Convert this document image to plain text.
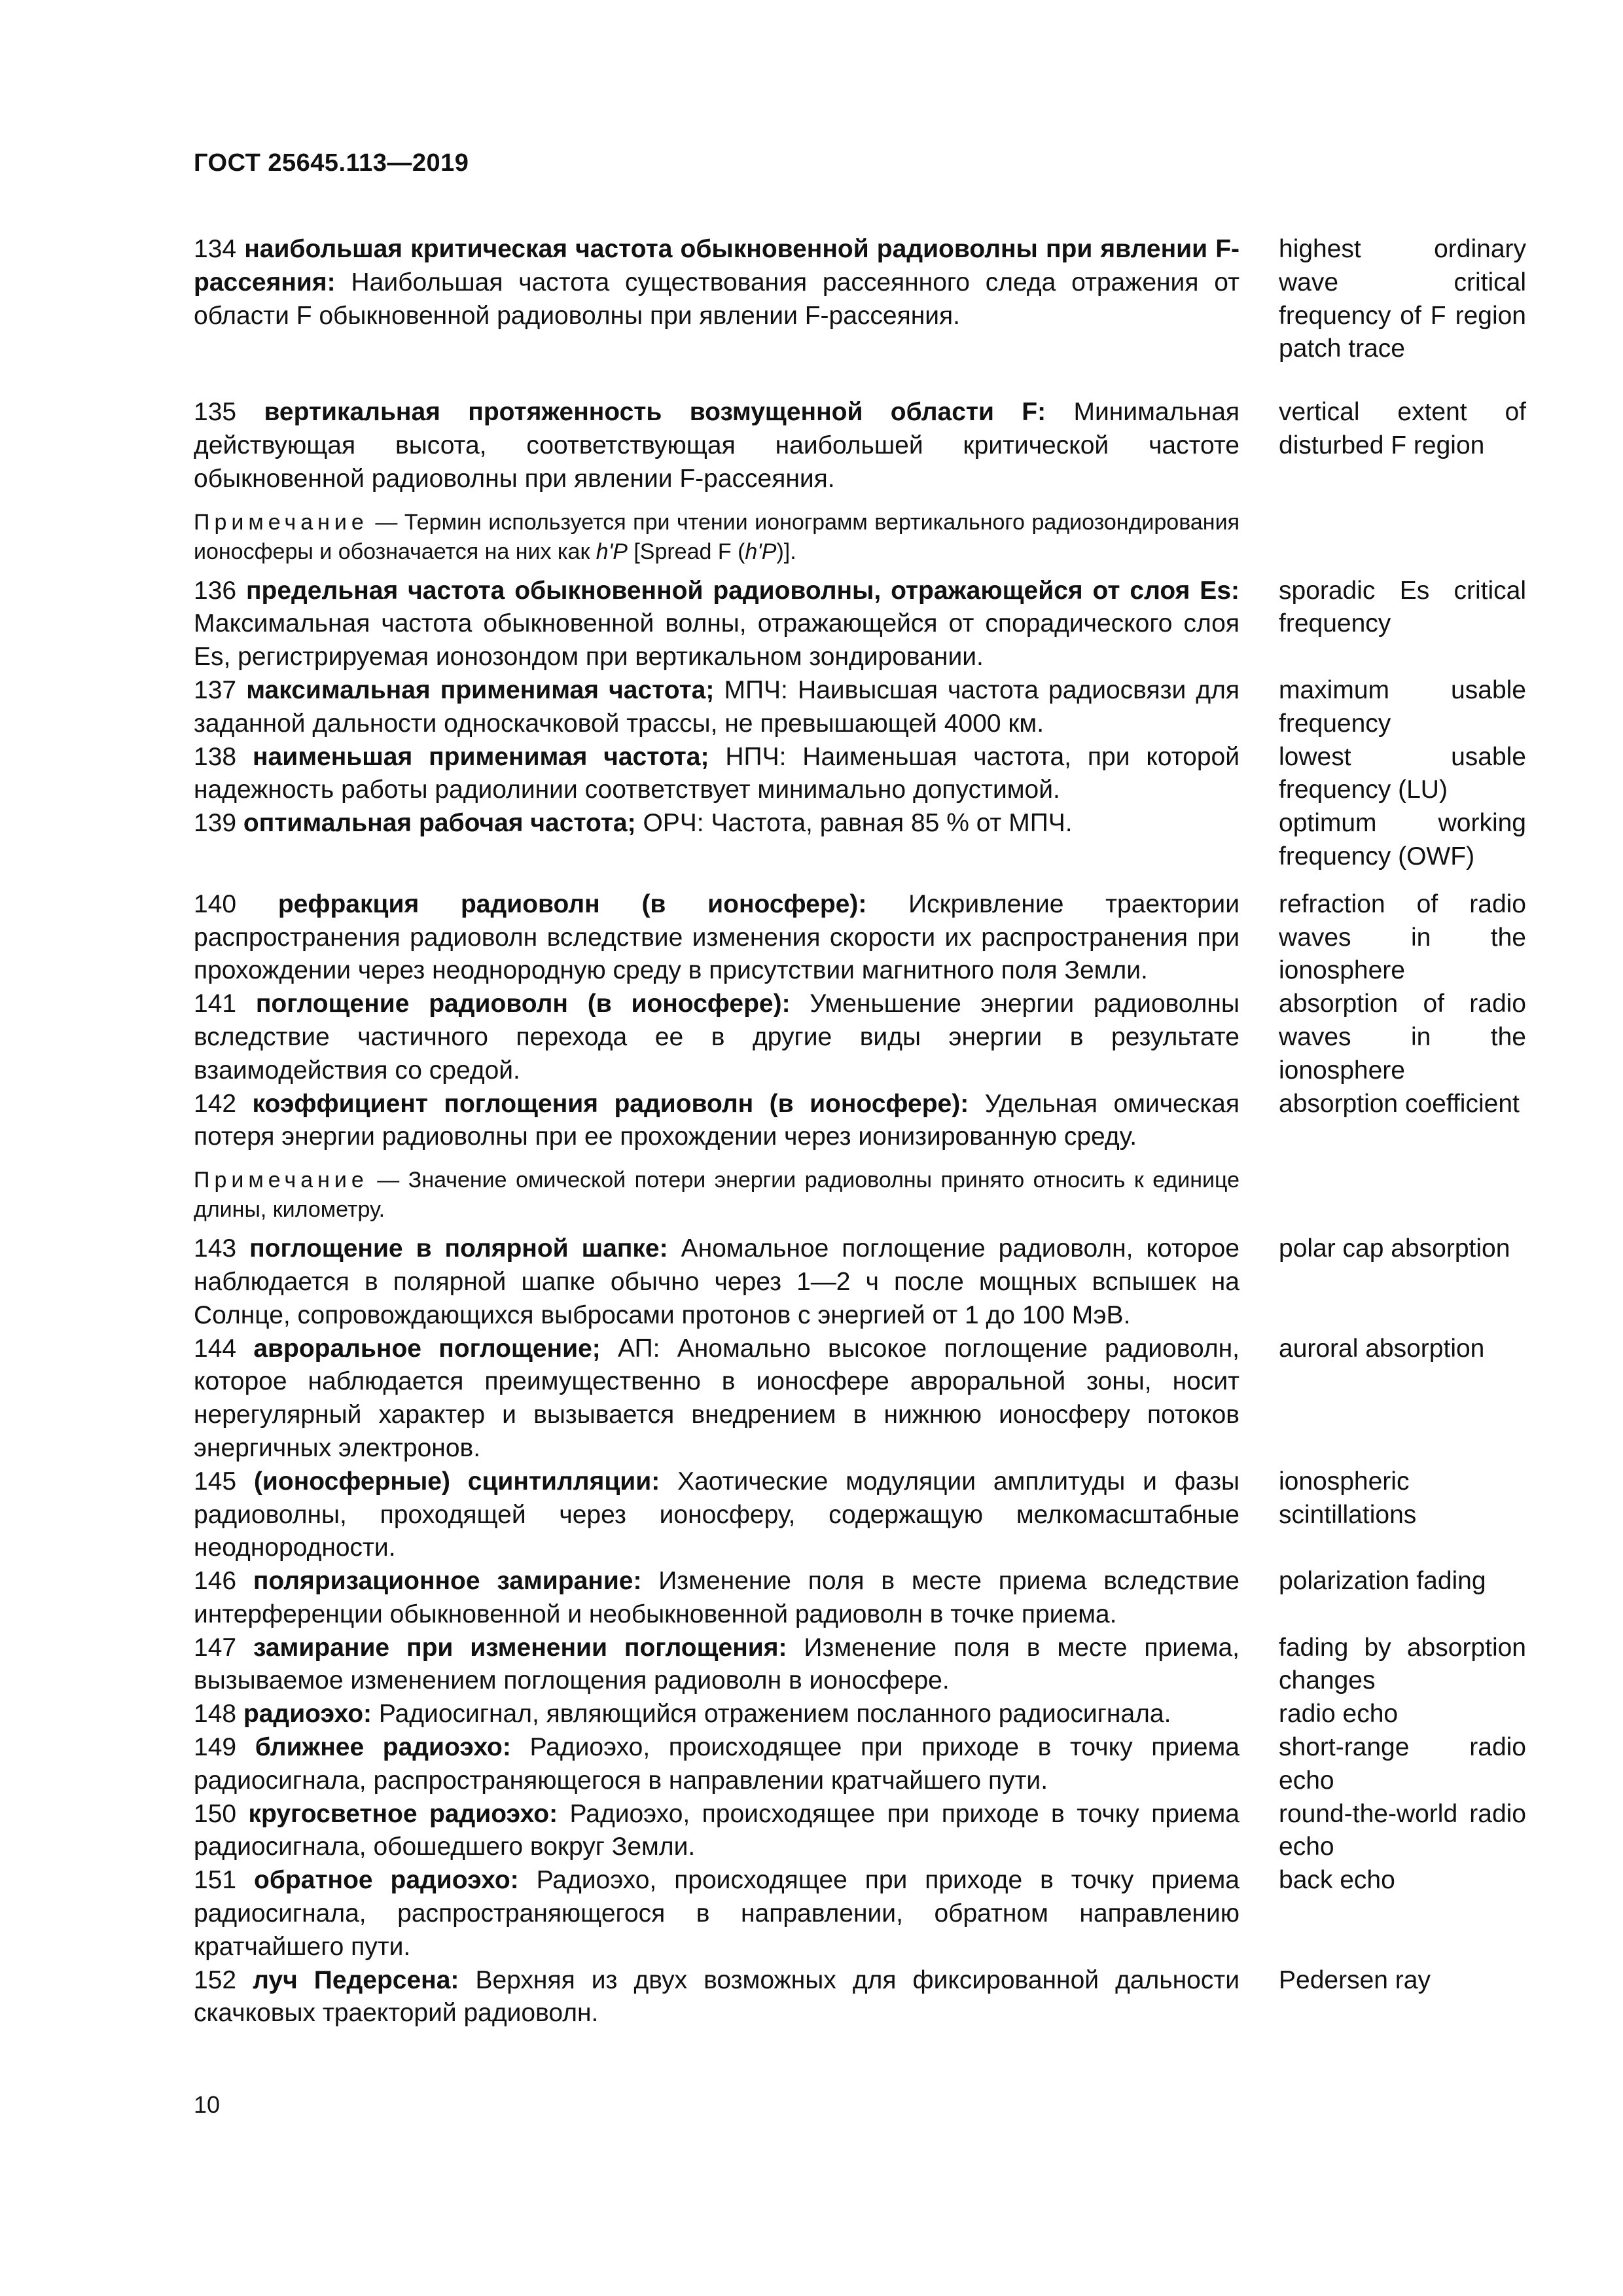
ГОСТ 25645.113—2019
134 наибольшая критическая частота обыкновенной радиоволны при явлении F-рассеяния: Наибольшая частота существования рассеянного следа отражения от области F обыкновенной радиоволны при явлении F-рассеяния.
highest ordinary wave critical frequency of F region patch trace
135 вертикальная протяженность возмущенной области F: Минимальная действующая высота, соответствующая наибольшей критической частоте обыкновенной радиоволны при явлении F-рассеяния.
vertical extent of disturbed F region
Примечание — Термин используется при чтении ионограмм вертикального радиозондирования ионосферы и обозначается на них как h'P [Spread F (h'P)].
136 предельная частота обыкновенной радиоволны, отражающейся от слоя Es: Максимальная частота обыкновенной волны, отражающейся от спорадического слоя Es, регистрируемая ионозондом при вертикальном зондировании.
sporadic Es critical frequency
137 максимальная применимая частота; МПЧ: Наивысшая частота радиосвязи для заданной дальности односкачковой трассы, не превышающей 4000 км.
maximum usable frequency
138 наименьшая применимая частота; НПЧ: Наименьшая частота, при которой надежность работы радиолинии соответствует минимально допустимой.
lowest usable frequency (LU)
139 оптимальная рабочая частота; ОРЧ: Частота, равная 85 % от МПЧ.	optimum working frequency (OWF)
140 рефракция радиоволн (в ионосфере): Искривление траектории распространения радиоволн вследствие изменения скорости их распространения при прохождении через неоднородную среду в присутствии магнитного поля Земли.
refraction of radio waves in the ionosphere
141 поглощение радиоволн (в ионосфере): Уменьшение энергии радиоволны вследствие частичного перехода ее в другие виды энергии в результате взаимодействия со средой.
absorption of radio waves in the ionosphere
142 коэффициент поглощения радиоволн (в ионосфере): Удельная омическая потеря энергии радиоволны при ее прохождении через ионизированную среду.
absorption coefficient
Примечание — Значение омической потери энергии радиоволны принято относить к единице длины, километру.
143 поглощение в полярной шапке: Аномальное поглощение радиоволн, которое наблюдается в полярной шапке обычно через 1—2 ч после мощных вспышек на Солнце, сопровождающихся выбросами протонов с энергией от 1 до 100 МэВ.
polar cap absorption
144 авроральное поглощение; АП: Аномально высокое поглощение радиоволн, которое наблюдается преимущественно в ионосфере авроральной зоны, носит нерегулярный характер и вызывается внедрением в нижнюю ионосферу потоков энергичных электронов.
auroral absorption
145 (ионосферные) сцинтилляции: Хаотические модуляции амплитуды и фазы радиоволны, проходящей через ионосферу, содержащую мелкомасштабные неоднородности.
ionospheric scintillations
146 поляризационное замирание: Изменение поля в месте приема вследствие интерференции обыкновенной и необыкновенной радиоволн в точке приема.
polarization fading
147 замирание при изменении поглощения: Изменение поля в месте приема, вызываемое изменением поглощения радиоволн в ионосфере.
fading by absorption changes
148 радиоэхо: Радиосигнал, являющийся отражением посланного радиосигнала.	radio echo
149 ближнее радиоэхо: Радиоэхо, происходящее при приходе в точку приема радиосигнала, распространяющегося в направлении кратчайшего пути.
short-range radio echo
150 кругосветное радиоэхо: Радиоэхо, происходящее при приходе в точку приема радиосигнала, обошедшего вокруг Земли.
round-the-world radio echo
151 обратное радиоэхо: Радиоэхо, происходящее при приходе в точку приема радиосигнала, распространяющегося в направлении, обратном направлению кратчайшего пути.
back echo
152 луч Педерсена: Верхняя из двух возможных для фиксированной дальности скачковых траекторий радиоволн.
Pedersen ray
10
